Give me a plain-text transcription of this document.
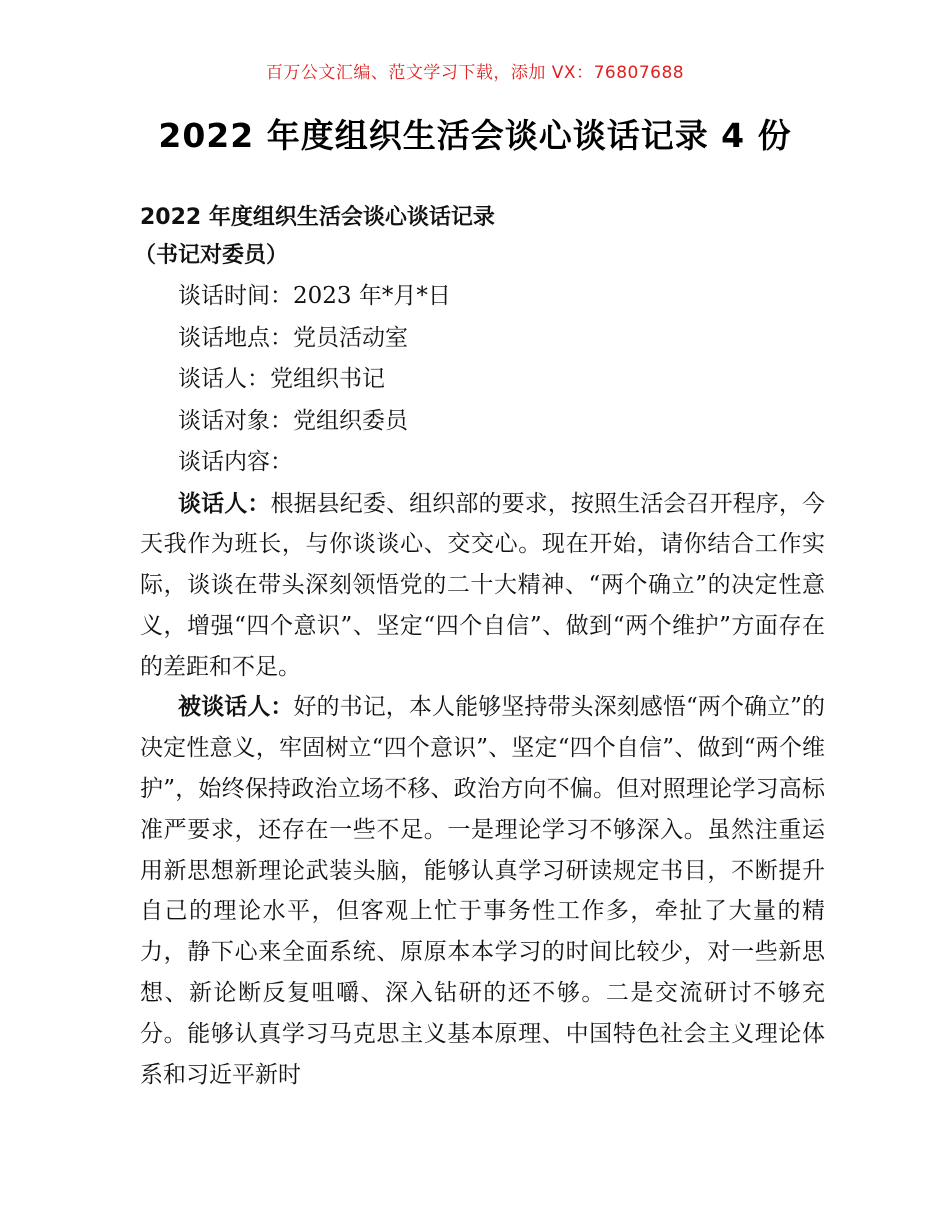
百万公文汇编、范文学习下载，添加 VX：76807688
2022 年度组织生活会谈心谈话记录 4 份
2022 年度组织生活会谈心谈话记录
（书记对委员）
谈话时间：2023 年*月*日
谈话地点：党员活动室
谈话人：党组织书记
谈话对象：党组织委员
谈话内容：

谈话人：根据县纪委、组织部的要求，按照生活会召开程序，今天我作为班长，与你谈谈心、交交心。现在开始，请你结合工作实际，谈谈在带头深刻领悟党的二十大精神、“两个确立”的决定性意义，增强“四个意识”、坚定“四个自信”、做到“两个维护”方面存在的差距和不足。

被谈话人：好的书记，本人能够坚持带头深刻感悟“两个确立”的决定性意义，牢固树立“四个意识”、坚定“四个自信”、做到“两个维护”，始终保持政治立场不移、政治方向不偏。但对照理论学习高标准严要求，还存在一些不足。一是理论学习不够深入。虽然注重运用新思想新理论武装头脑，能够认真学习研读规定书目，不断提升自己的理论水平，但客观上忙于事务性工作多，牵扯了大量的精力，静下心来全面系统、原原本本学习的时间比较少，对一些新思想、新论断反复咀嚼、深入钻研的还不够。二是交流研讨不够充分。能够认真学习马克思主义基本原理、中国特色社会主义理论体系和习近平新时
